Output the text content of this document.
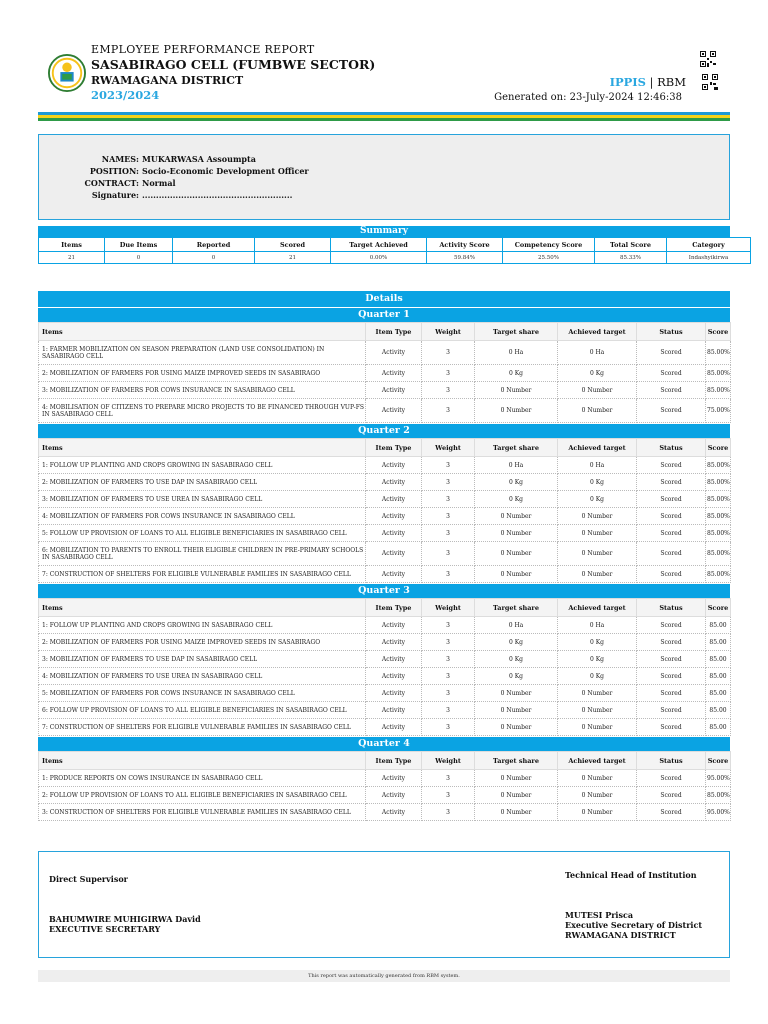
EMPLOYEE PERFORMANCE REPORT
SASABIRAGO CELL (FUMBWE SECTOR)
RWAMAGANA DISTRICT
2023/2024
IPPIS | RBM
Generated on: 23-July-2024 12:46:38
NAMES: MUKARWASA Assoumpta
POSITION: Socio-Economic Development Officer
CONTRACT: Normal
Signature: ......................................................
Summary
Items	Due Items	Reported	Scored	Target Achieved	Activity Score	Competency Score	Total Score	Category
21	0	0	21	0.00%	59.84%	25.50%	85.33%	Indashyikirwa
Details
Quarter 1
Items	Item Type	Weight	Target share	Achieved target	Status	Score
1: FARMER MOBILIZATION ON SEASON PREPARATION (LAND USE CONSOLIDATION) IN SASABIRAGO CELL	Activity	3	0 Ha	0 Ha	Scored	85.00%
2: MOBILIZATION OF FARMERS FOR USING MAIZE IMPROVED SEEDS IN SASABIRAGO	Activity	3	0 Kg	0 Kg	Scored	85.00%
3: MOBILIZATION OF FARMERS FOR COWS INSURANCE IN SASABIRAGO CELL	Activity	3	0 Number	0 Number	Scored	85.00%
4: MOBILISATION OF CITIZENS TO PREPARE MICRO PROJECTS TO BE FINANCED THROUGH VUP-FS IN SASABIRAGO CELL	Activity	3	0 Number	0 Number	Scored	75.00%
Quarter 2
Items	Item Type	Weight	Target share	Achieved target	Status	Score
1: FOLLOW UP PLANTING AND CROPS GROWING IN SASABIRAGO CELL	Activity	3	0 Ha	0 Ha	Scored	85.00%
2: MOBILIZATION OF FARMERS TO USE DAP IN SASABIRAGO CELL	Activity	3	0 Kg	0 Kg	Scored	85.00%
3: MOBILIZATION OF FARMERS TO USE UREA IN SASABIRAGO CELL	Activity	3	0 Kg	0 Kg	Scored	85.00%
4: MOBILIZATION OF FARMERS FOR COWS INSURANCE IN SASABIRAGO CELL	Activity	3	0 Number	0 Number	Scored	85.00%
5: FOLLOW UP PROVISION OF LOANS TO ALL ELIGIBLE BENEFICIARIES IN SASABIRAGO CELL	Activity	3	0 Number	0 Number	Scored	85.00%
6: MOBILIZATION TO PARENTS TO ENROLL THEIR ELIGIBLE CHILDREN IN PRE-PRIMARY SCHOOLS IN SASABIRAGO CELL	Activity	3	0 Number	0 Number	Scored	85.00%
7: CONSTRUCTION OF SHELTERS FOR ELIGIBLE VULNERABLE FAMILIES IN SASABIRAGO CELL	Activity	3	0 Number	0 Number	Scored	85.00%
Quarter 3
Items	Item Type	Weight	Target share	Achieved target	Status	Score
1: FOLLOW UP PLANTING AND CROPS GROWING IN SASABIRAGO CELL	Activity	3	0 Ha	0 Ha	Scored	85.00
2: MOBILIZATION OF FARMERS FOR USING MAIZE IMPROVED SEEDS IN SASABIRAGO	Activity	3	0 Kg	0 Kg	Scored	85.00
3: MOBILIZATION OF FARMERS TO USE DAP IN SASABIRAGO CELL	Activity	3	0 Kg	0 Kg	Scored	85.00
4: MOBILIZATION OF FARMERS TO USE UREA IN SASABIRAGO CELL	Activity	3	0 Kg	0 Kg	Scored	85.00
5: MOBILIZATION OF FARMERS FOR COWS INSURANCE IN SASABIRAGO CELL	Activity	3	0 Number	0 Number	Scored	85.00
6: FOLLOW UP PROVISION OF LOANS TO ALL ELIGIBLE BENEFICIARIES IN SASABIRAGO CELL	Activity	3	0 Number	0 Number	Scored	85.00
7: CONSTRUCTION OF SHELTERS FOR ELIGIBLE VULNERABLE FAMILIES IN SASABIRAGO CELL	Activity	3	0 Number	0 Number	Scored	85.00
Quarter 4
Items	Item Type	Weight	Target share	Achieved target	Status	Score
1: PRODUCE REPORTS ON COWS INSURANCE IN SASABIRAGO CELL	Activity	3	0 Number	0 Number	Scored	95.00%
2: FOLLOW UP PROVISION OF LOANS TO ALL ELIGIBLE BENEFICIARIES IN SASABIRAGO CELL	Activity	3	0 Number	0 Number	Scored	85.00%
3: CONSTRUCTION OF SHELTERS FOR ELIGIBLE VULNERABLE FAMILIES IN SASABIRAGO CELL	Activity	3	0 Number	0 Number	Scored	95.00%
Direct Supervisor	Technical Head of Institution
BAHUMWIRE MUHIGIRWA David
EXECUTIVE SECRETARY
MUTESI Prisca
Executive Secretary of District
RWAMAGANA DISTRICT
This report was automatically generated from RBM system.
